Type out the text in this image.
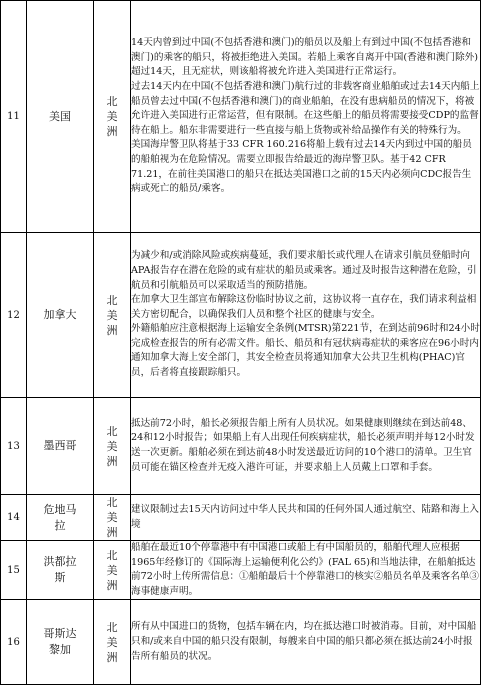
11	美国	北美洲	14天内曾到过中国(不包括香港和澳门)的船员以及船上有到过中国(不包括香港和澳门)的乘客的船只，将被拒绝进入美国。若船上乘客自离开中国(香港和澳门除外)超过14天，且无症状，则该船将被允许进入美国进行正常运行。
过去14天内在中国(不包括香港和澳门)航行过的非载客商业船舶或过去14天内船上船员曾去过中国(不包括香港和澳门)的商业船舶，在没有患病船员的情况下，将被允许进入美国进行正常运营，但有限制。在这些船上的船员将需要接受CDP的监督待在船上。船东非需要进行一些直接与船上货物或补给品操作有关的特殊行为。
美国海岸警卫队将基于33 CFR 160.216将船上载有过去14天内到过中国的船员的船舶视为在危险情况。需要立即报告给最近的海岸警卫队。基于42 CFR 71.21，在前往美国港口的船只在抵达美国港口之前的15天内必须向CDC报告生病或死亡的船员/乘客。

12	加拿大	北美洲	为减少和/或消除风险或疾病蔓延，我们要求船长或代理人在请求引航员登船时向APA报告存在潜在危险的或有症状的船员或乘客。通过及时报告这种潜在危险，引航员和引航船员可以采取适当的预防措施。
在加拿大卫生部宣布解除这份临时协议之前，这协议将一直存在，我们请求利益相关方密切配合，以确保我们人员和整个社区的健康与安全。
外籍船舶应注意根据海上运输安全条例(MTSR)第221节，在到达前96时和24小时完成检查报告的所有必需文件。船长、船员和有冠状病毒症状的乘客应在96小时内通知加拿大海上安全部门，其安全检查员将通知加拿大公共卫生机构(PHAC)官员，后者将直接跟踪船只。

13	墨西哥	北美洲	抵达前72小时，船长必须报告船上所有人员状况。如果健康则继续在到达前48、24和12小时报告；如果船上有人出现任何疾病症状，船长必须声明并每12小时发送一次更新。船舶必须在到达前48小时发送最近访问的10个港口的清单。卫生官员可能在锚区检查并无疫入港许可证，并要求船上人员戴上口罩和手套。

14	危地马拉	北美洲	建议限制过去15天内访问过中华人民共和国的任何外国人通过航空、陆路和海上入境

15	洪都拉斯	北美洲	船舶在最近10个停靠港中有中国港口或船上有中国船员的，船舶代理人应根据1965年经修订的《国际海上运输便利化公约》(FAL 65)和当地法律，在船舶抵达前72小时上传所需信息：①船舶最后十个停靠港口的核实②船员名单及乘客名单③海事健康声明。

16	哥斯达黎加	北美洲	所有从中国进口的货物，包括车辆在内，均在抵达港口时被消毒。目前，对中国船只和/或来自中国的船只没有限制，每艘来自中国的船只都必须在抵达前24小时报告所有船员的状况。
